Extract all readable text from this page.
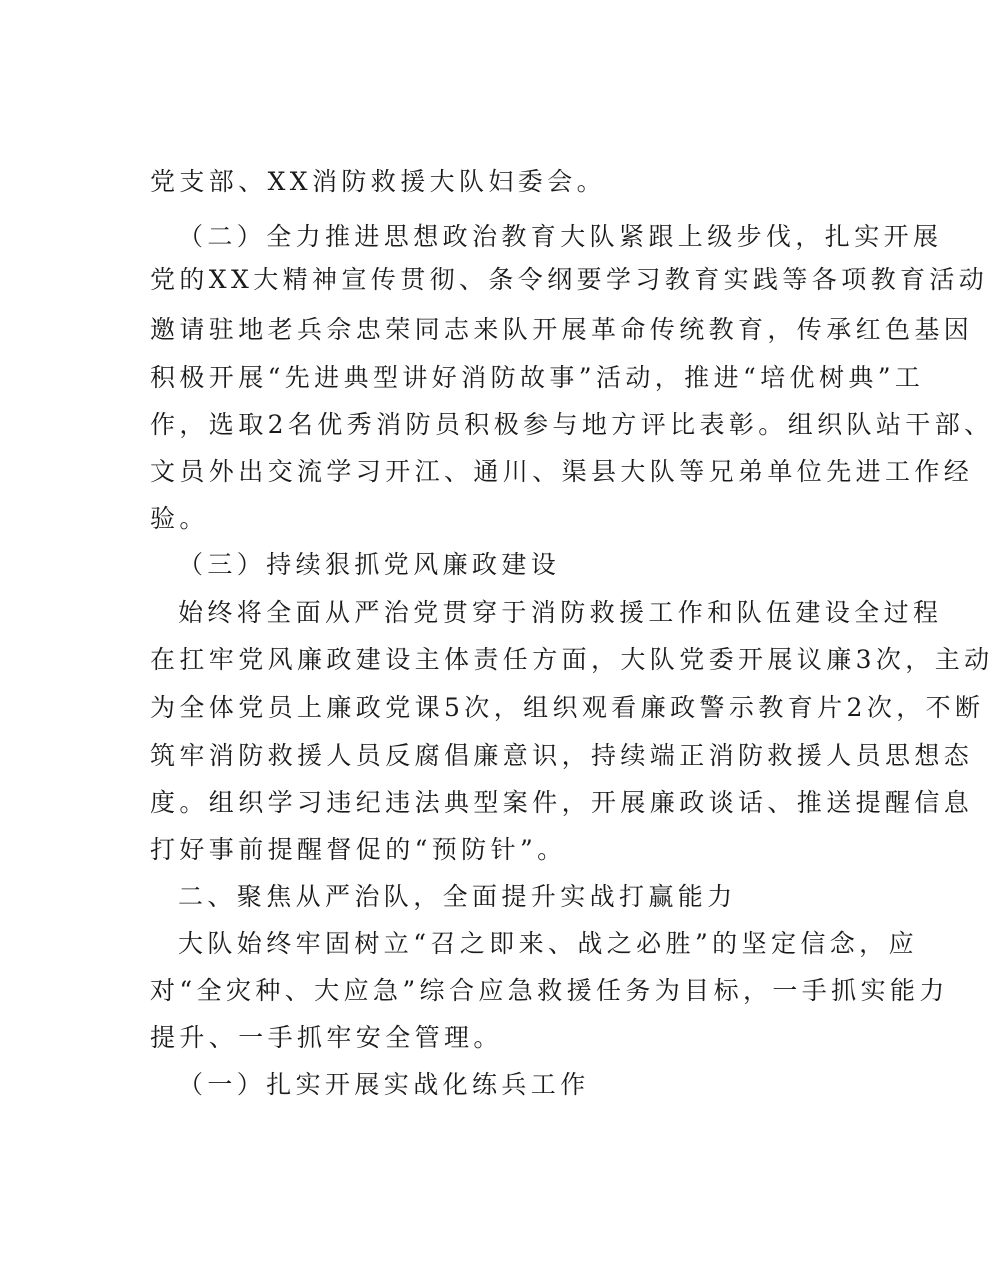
党支部、XX消防救援大队妇委会。
（二）全力推进思想政治教育大队紧跟上级步伐，扎实开展
党的XX大精神宣传贯彻、条令纲要学习教育实践等各项教育活动
邀请驻地老兵佘忠荣同志来队开展革命传统教育，传承红色基因
积极开展“先进典型讲好消防故事”活动，推进“培优树典”工
作，选取2名优秀消防员积极参与地方评比表彰。组织队站干部、
文员外出交流学习开江、通川、渠县大队等兄弟单位先进工作经
验。
（三）持续狠抓党风廉政建设
始终将全面从严治党贯穿于消防救援工作和队伍建设全过程
在扛牢党风廉政建设主体责任方面，大队党委开展议廉3次，主动
为全体党员上廉政党课5次，组织观看廉政警示教育片2次，不断
筑牢消防救援人员反腐倡廉意识，持续端正消防救援人员思想态
度。组织学习违纪违法典型案件，开展廉政谈话、推送提醒信息
打好事前提醒督促的“预防针”。
二、聚焦从严治队，全面提升实战打赢能力
大队始终牢固树立“召之即来、战之必胜”的坚定信念，应
对“全灾种、大应急”综合应急救援任务为目标，一手抓实能力
提升、一手抓牢安全管理。
（一）扎实开展实战化练兵工作
